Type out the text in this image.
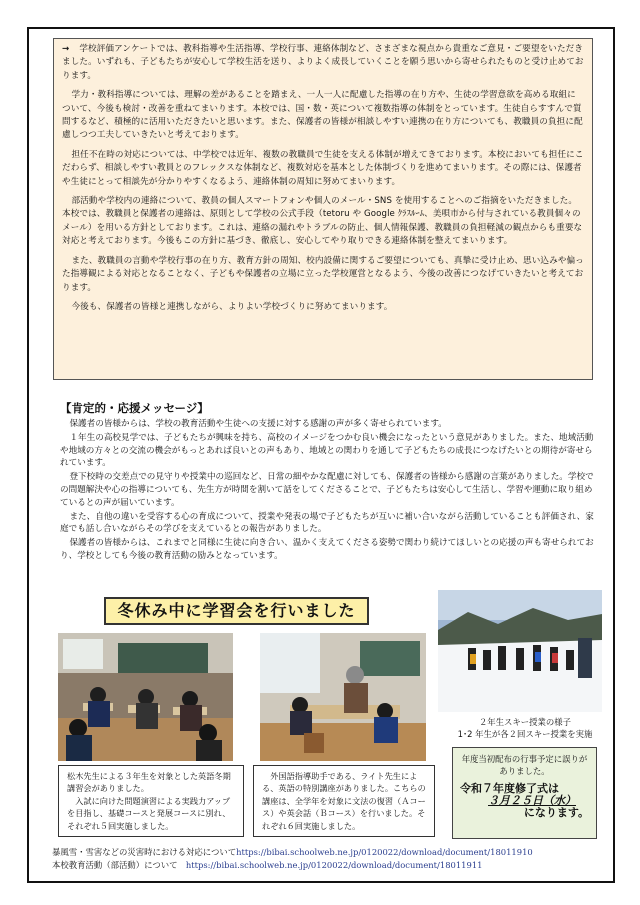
→ 学校評価アンケートでは、教科指導や生活指導、学校行事、連絡体制など、さまざまな視点から貴重なご意見・ご要望をいただきました。いずれも、子どもたちが安心して学校生活を送り、よりよく成長していくことを願う思いから寄せられたものと受け止めております。

学力・教科指導については、理解の差があることを踏まえ、一人一人に配慮した指導の在り方や、生徒の学習意欲を高める取組について、今後も検討・改善を重ねてまいります。本校では、国・数・英について複数指導の体制をとっています。生徒自らすすんで質問するなど、積極的に活用いただきたいと思います。また、保護者の皆様が相談しやすい連携の在り方についても、教職員の負担に配慮しつつ工夫していきたいと考えております。

担任不在時の対応については、中学校では近年、複数の教職員で生徒を支える体制が増えてきております。本校においても担任にこだわらず、相談しやすい教員とのフレックスな体制など、複数対応を基本とした体制づくりを進めてまいります。その際には、保護者や生徒にとって相談先が分かりやすくなるよう、連絡体制の周知に努めてまいります。

部活動や学校内の連絡について、教員の個人スマートフォンや個人のメール・SNS を使用することへのご指摘をいただきました。本校では、教職員と保護者の連絡は、原則として学校の公式手段（tetoru や Google ｸﾗｽﾙｰﾑ、美唄市から付与されている教員個々のメール）を用いる方針としております。これは、連絡の漏れやトラブルの防止、個人情報保護、教職員の負担軽減の観点からも重要な対応と考えております。今後もこの方針に基づき、徹底し、安心してやり取りできる連絡体制を整えてまいります。

また、教職員の言動や学校行事の在り方、教育方針の周知、校内設備に関するご要望についても、真摯に受け止め、思い込みや偏った指導観による対応となることなく、子どもや保護者の立場に立った学校運営となるよう、今後の改善につなげていきたいと考えております。

今後も、保護者の皆様と連携しながら、よりよい学校づくりに努めてまいります。

【肯定的・応援メッセージ】

保護者の皆様からは、学校の教育活動や生徒への支援に対する感謝の声が多く寄せられています。

１年生の高校見学では、子どもたちが興味を持ち、高校のイメージをつかむ良い機会になったという意見がありました。また、地域活動や地域の方々との交流の機会がもっとあれば良いとの声もあり、地域との関わりを通して子どもたちの成長につなげたいとの期待が寄せられています。

登下校時の交差点での見守りや授業中の巡回など、日常の細やかな配慮に対しても、保護者の皆様から感謝の言葉がありました。学校での問題解決や心の指導についても、先生方が時間を割いて話をしてくださることで、子どもたちは安心して生活し、学習や運動に取り組めているとの声が届いています。

また、自他の違いを受容する心の育成について、授業や発表の場で子どもたちが互いに補い合いながら活動していることも評価され、家庭でも話し合いながらその学びを支えているとの報告がありました。

保護者の皆様からは、これまでと同様に生徒に向き合い、温かく支えてくださる姿勢で関わり続けてほしいとの応援の声も寄せられており、学校としても今後の教育活動の励みとなっています。

冬休み中に学習会を行いました

松木先生による３年生を対象とした英語冬期講習会がありました。

入試に向けた問題演習による実践力アップを目指し、基礎コースと発展コースに別れ、それぞれ５回実施しました。

外国語指導助手である、ライト先生による、英語の特別講座がありました。こちらの講座は、全学年を対象に文法の復習（Ａコース）や英会話（Ｂコース）を行いました。それぞれ６回実施しました。

２年生スキー授業の様子
1･2 年生が各２回スキー授業を実施
年度当初配布の行事予定に誤りがありました。
令和７年度修了式は
３月２５日（水）
になります。
暴風雪・雪害などの災害時における対応についてhttps://bibai.schoolweb.ne.jp/0120022/download/document/18011910
本校教育活動（部活動）について　https://bibai.schoolweb.ne.jp/0120022/download/document/18011911
